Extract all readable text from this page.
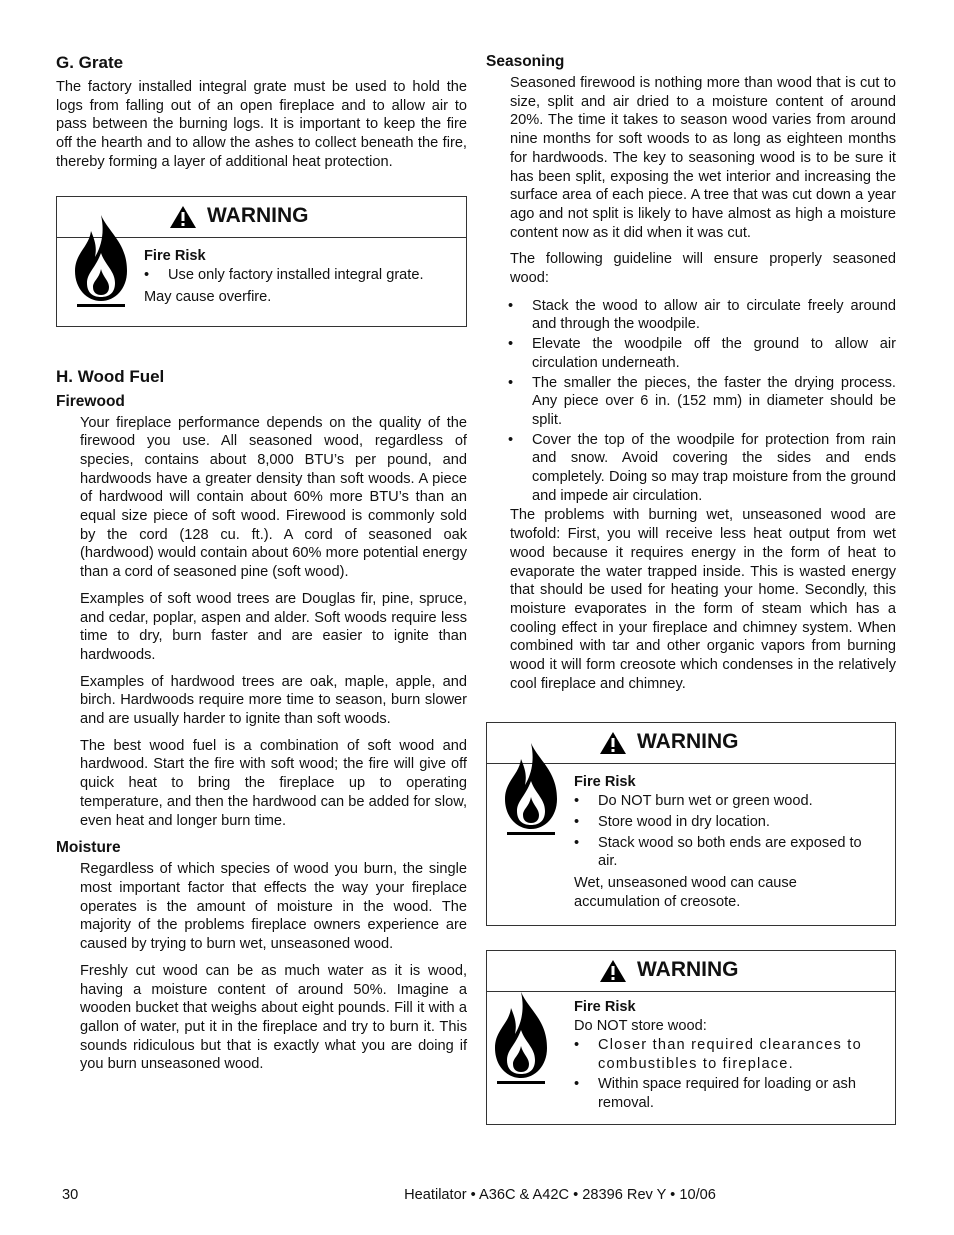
G. Grate

The factory installed integral grate must be used to hold the logs from falling out of an open fireplace and to allow air to pass between the burning logs. It is important to keep the fire off the hearth and to allow the ashes to collect beneath the fire, thereby forming a layer of additional heat protection.

WARNING
Fire Risk
• Use only factory installed integral grate.

May cause overfire.

H. Wood Fuel
Firewood

Your fireplace performance depends on the quality of the firewood you use. All seasoned wood, regardless of species, contains about 8,000 BTU’s per pound, and hardwoods have a greater density than soft woods. A piece of hardwood will contain about 60% more BTU’s than an equal size piece of soft wood. Firewood is commonly sold by the cord (128 cu. ft.). A cord of seasoned oak (hardwood) would contain about 60% more potential energy than a cord of seasoned pine (soft wood).

Examples of soft wood trees are Douglas fir, pine, spruce, and cedar, poplar, aspen and alder. Soft woods require less time to dry, burn faster and are easier to ignite than hardwoods.

Examples of hardwood trees are oak, maple, apple, and birch. Hardwoods require more time to season, burn slower and are usually harder to ignite than soft woods.

The best wood fuel is a combination of soft wood and hardwood. Start the fire with soft wood; the fire will give off quick heat to bring the fireplace up to operating temperature, and then the hardwood can be added for slow, even heat and longer burn time.

Moisture

Regardless of which species of wood you burn, the single most important factor that effects the way your fireplace operates is the amount of moisture in the wood. The majority of the problems fireplace owners experience are caused by trying to burn wet, unseasoned wood.

Freshly cut wood can be as much water as it is wood, having a moisture content of around 50%. Imagine a wooden bucket that weighs about eight pounds. Fill it with a gallon of water, put it in the fireplace and try to burn it. This sounds ridiculous but that is exactly what you are doing if you burn unseasoned wood.

Seasoning

Seasoned firewood is nothing more than wood that is cut to size, split and air dried to a moisture content of around 20%. The time it takes to season wood varies from around nine months for soft woods to as long as eighteen months for hardwoods. The key to seasoning wood is to be sure it has been split, exposing the wet interior and increasing the surface area of each piece. A tree that was cut down a year ago and not split is likely to have almost as high a moisture content now as it did when it was cut.

The following guideline will ensure properly seasoned wood:

• Stack the wood to allow air to circulate freely around and through the woodpile.
• Elevate the woodpile off the ground to allow air circulation underneath.
• The smaller the pieces, the faster the drying process. Any piece over 6 in. (152 mm) in diameter should be split.
• Cover the top of the woodpile for protection from rain and snow. Avoid covering the sides and ends completely. Doing so may trap moisture from the ground and impede air circulation.

The problems with burning wet, unseasoned wood are twofold: First, you will receive less heat output from wet wood because it requires energy in the form of heat to evaporate the water trapped inside. This is wasted energy that should be used for heating your home. Secondly, this moisture evaporates in the form of steam which has a cooling effect in your fireplace and chimney system. When combined with tar and other organic vapors from burning wood it will form creosote which condenses in the relatively cool fireplace and chimney.

WARNING
Fire Risk
• Do NOT burn wet or green wood.
• Store wood in dry location.
• Stack wood so both ends are exposed to air.

Wet, unseasoned wood can cause accumulation of creosote.

WARNING
Fire Risk
Do NOT store wood:
• Closer than required clearances to combustibles to fireplace.
• Within space required for loading or ash removal.
30	Heatilator • A36C & A42C • 28396 Rev Y • 10/06
